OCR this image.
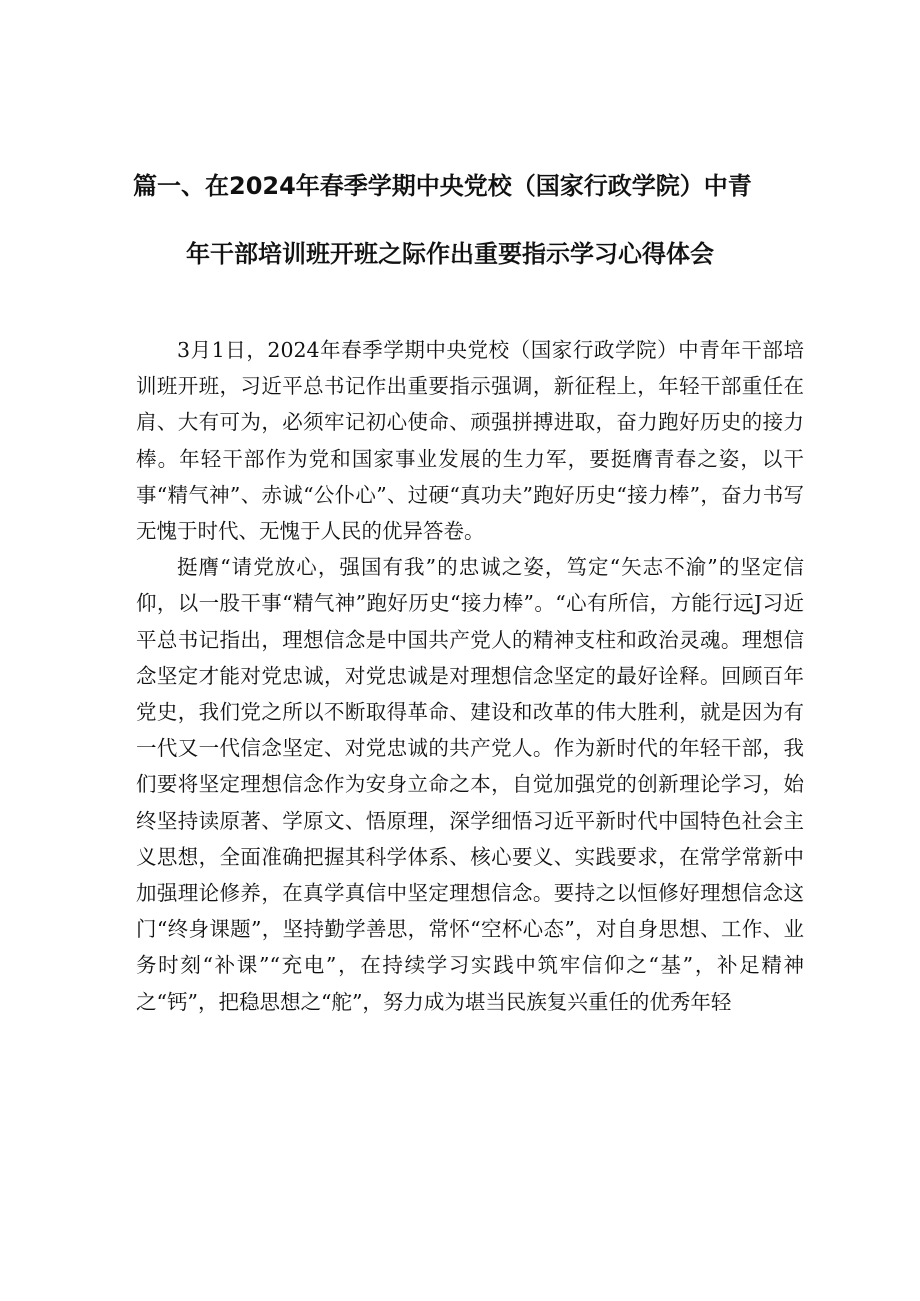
篇一、在2024年春季学期中央党校（国家行政学院）中青
年干部培训班开班之际作出重要指示学习心得体会

3月1日，2024年春季学期中央党校（国家行政学院）中青年干部培训班开班，习近平总书记作出重要指示强调，新征程上，年轻干部重任在肩、大有可为，必须牢记初心使命、顽强拼搏进取，奋力跑好历史的接力棒。年轻干部作为党和国家事业发展的生力军，要挺膺青春之姿，以干事“精气神”、赤诚“公仆心”、过硬“真功夫”跑好历史“接力棒”，奋力书写无愧于时代、无愧于人民的优异答卷。

挺膺“请党放心，强国有我”的忠诚之姿，笃定“矢志不渝”的坚定信仰，以一股干事“精气神”跑好历史“接力棒”。“心有所信，方能行远J习近平总书记指出，理想信念是中国共产党人的精神支柱和政治灵魂。理想信念坚定才能对党忠诚，对党忠诚是对理想信念坚定的最好诠释。回顾百年党史，我们党之所以不断取得革命、建设和改革的伟大胜利，就是因为有一代又一代信念坚定、对党忠诚的共产党人。作为新时代的年轻干部，我们要将坚定理想信念作为安身立命之本，自觉加强党的创新理论学习，始终坚持读原著、学原文、悟原理，深学细悟习近平新时代中国特色社会主义思想，全面准确把握其科学体系、核心要义、实践要求，在常学常新中加强理论修养，在真学真信中坚定理想信念。要持之以恒修好理想信念这门“终身课题”，坚持勤学善思，常怀“空杯心态”，对自身思想、工作、业务时刻“补课”“充电”，在持续学习实践中筑牢信仰之“基”，补足精神之“钙”，把稳思想之“舵”，努力成为堪当民族复兴重任的优秀年轻
